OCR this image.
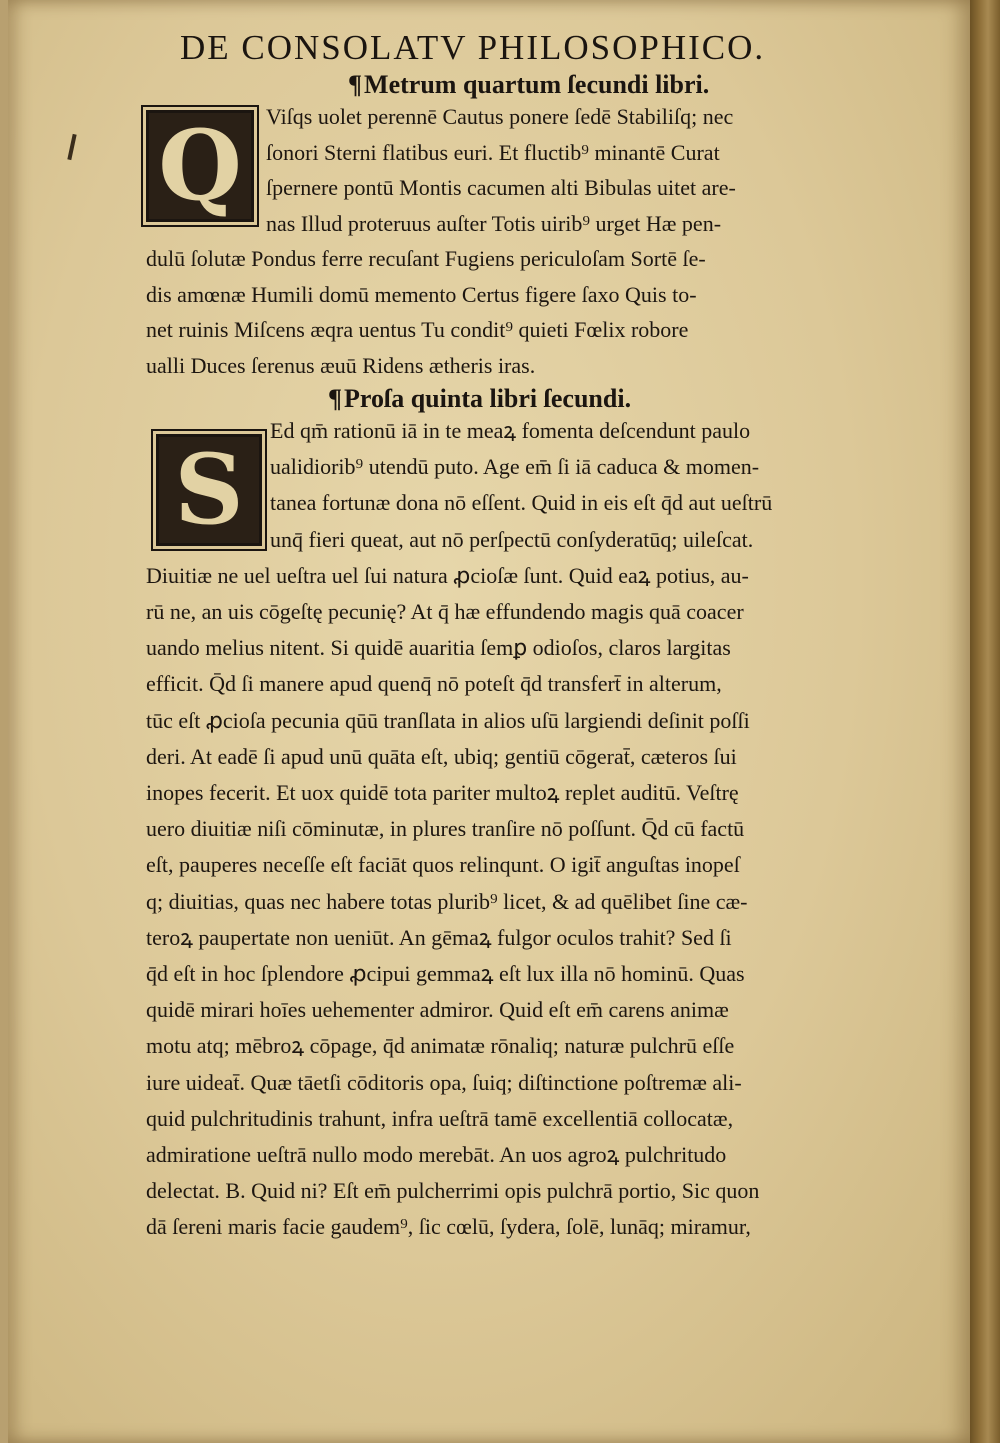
DE CONSOLATV PHILOSOPHICO.
¶Metrum quartum ſecundi libri.
Q Viſqs uolet perennē Cautus ponere ſedē Stabiliſq; nec
ſonori Sterni flatibus euri. Et fluctib⁹ minantē Curat
ſpernere pontū Montis cacumen alti Bibulas uitet are-
nas Illud proteruus auſter Totis uirib⁹ urget Hæ pen-
dulū ſolutæ Pondus ferre recuſant Fugiens periculoſam Sortē ſe-
dis amœnæ Humili domū memento Certus figere ſaxo Quis to-
net ruinis Miſcens æqra uentus Tu condit⁹ quieti Fœlix robore
ualli Duces ſerenus æuū Ridens ætheris iras.
¶Proſa quinta libri ſecundi.
S
Ed qm̄ rationū iā in te meaꝝ fomenta deſcendunt paulo
ualidiorib⁹ utendū puto. Age em̄ ſi iā caduca & momen-
tanea fortunæ dona nō eſſent. Quid in eis eſt q̄d aut ueſtrū
unq̄ fieri queat, aut nō perſpectū conſyderatūq; uileſcat.
Diuitiæ ne uel ueſtra uel ſui natura ꝓcioſæ ſunt. Quid eaꝝ potius, au-
rū ne, an uis cōgeſtę pecunię? At q̄ hæ effundendo magis quā coacer
uando melius nitent. Si quidē auaritia ſemꝑ odioſos, claros largitas
efficit. Q̄d ſi manere apud quenq̄ nō poteſt q̄d transfert̄ in alterum,
tūc eſt ꝓcioſa pecunia qūū tranſlata in alios uſū largiendi deſinit poſſi
deri. At eadē ſi apud unū quāta eſt, ubiq; gentiū cōgerat̄, cæteros ſui
inopes fecerit. Et uox quidē tota pariter multoꝝ replet auditū. Veſtrę
uero diuitiæ niſi cōminutæ, in plures tranſire nō poſſunt. Q̄d cū factū
eſt, pauperes neceſſe eſt faciāt quos relinqunt. O igit̄ anguſtas inopeſ
q; diuitias, quas nec habere totas plurib⁹ licet, & ad quēlibet ſine cæ-
teroꝝ paupertate non ueniūt. An gēmaꝝ fulgor oculos trahit? Sed ſi
q̄d eſt in hoc ſplendore ꝓcipui gemmaꝝ eſt lux illa nō hominū. Quas
quidē mirari hoīes uehementer admiror. Quid eſt em̄ carens animæ
motu atq; mēbroꝝ cōpage, q̄d animatæ rōnaliq; naturæ pulchrū eſſe
iure uideat̄. Quæ tāetſi cōditoris opa, ſuiq; diſtinctione poſtremæ ali-
quid pulchritudinis trahunt, infra ueſtrā tamē excellentiā collocatæ,
admiratione ueſtrā nullo modo merebāt. An uos agroꝝ pulchritudo
delectat. B. Quid ni? Eſt em̄ pulcherrimi opis pulchrā portio, Sic quon
dā ſereni maris facie gaudem⁹, ſic cœlū, ſydera, ſolē, lunāq; miramur,
